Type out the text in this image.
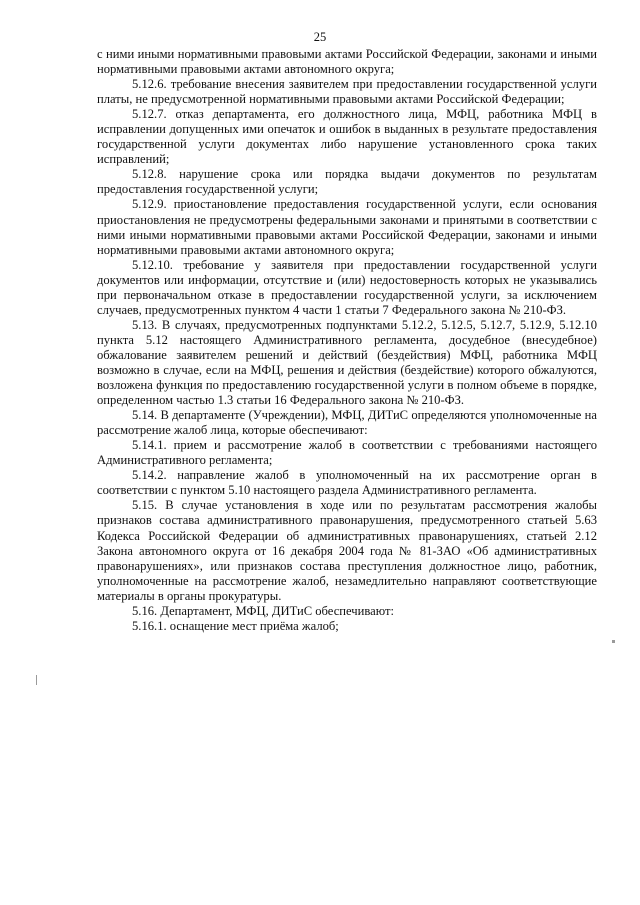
25

с ними иными нормативными правовыми актами Российской Федерации, законами и иными нормативными правовыми актами автономного округа;

5.12.6. требование внесения заявителем при предоставлении государственной услуги платы, не предусмотренной нормативными правовыми актами Российской Федерации;

5.12.7. отказ департамента, его должностного лица, МФЦ, работника МФЦ в исправлении допущенных ими опечаток и ошибок в выданных в результате предоставления государственной услуги документах либо нарушение установленного срока таких исправлений;

5.12.8. нарушение срока или порядка выдачи документов по результатам предоставления государственной услуги;

5.12.9. приостановление предоставления государственной услуги, если основания приостановления не предусмотрены федеральными законами и принятыми в соответствии с ними иными нормативными правовыми актами Российской Федерации, законами и иными нормативными правовыми актами автономного округа;

5.12.10. требование у заявителя при предоставлении государственной услуги документов или информации, отсутствие и (или) недостоверность которых не указывались при первоначальном отказе в предоставлении государственной услуги, за исключением случаев, предусмотренных пунктом 4 части 1 статьи 7 Федерального закона № 210-ФЗ.

5.13. В случаях, предусмотренных подпунктами 5.12.2, 5.12.5, 5.12.7, 5.12.9, 5.12.10 пункта 5.12 настоящего Административного регламента, досудебное (внесудебное) обжалование заявителем решений и действий (бездействия) МФЦ, работника МФЦ возможно в случае, если на МФЦ, решения и действия (бездействие) которого обжалуются, возложена функция по предоставлению государственной услуги в полном объеме в порядке, определенном частью 1.3 статьи 16 Федерального закона № 210-ФЗ.

5.14. В департаменте (Учреждении), МФЦ, ДИТиС определяются уполномоченные на рассмотрение жалоб лица, которые обеспечивают:

5.14.1. прием и рассмотрение жалоб в соответствии с требованиями настоящего Административного регламента;

5.14.2. направление жалоб в уполномоченный на их рассмотрение орган в соответствии с пунктом 5.10 настоящего раздела Административного регламента.

5.15. В случае установления в ходе или по результатам рассмотрения жалобы признаков состава административного правонарушения, предусмотренного статьей 5.63 Кодекса Российской Федерации об административных правонарушениях, статьей 2.12 Закона автономного округа от 16 декабря 2004 года № 81-ЗАО «Об административных правонарушениях», или признаков состава преступления должностное лицо, работник, уполномоченные на рассмотрение жалоб, незамедлительно направляют соответствующие материалы в органы прокуратуры.

5.16. Департамент, МФЦ, ДИТиС обеспечивают:

5.16.1. оснащение мест приёма жалоб;
